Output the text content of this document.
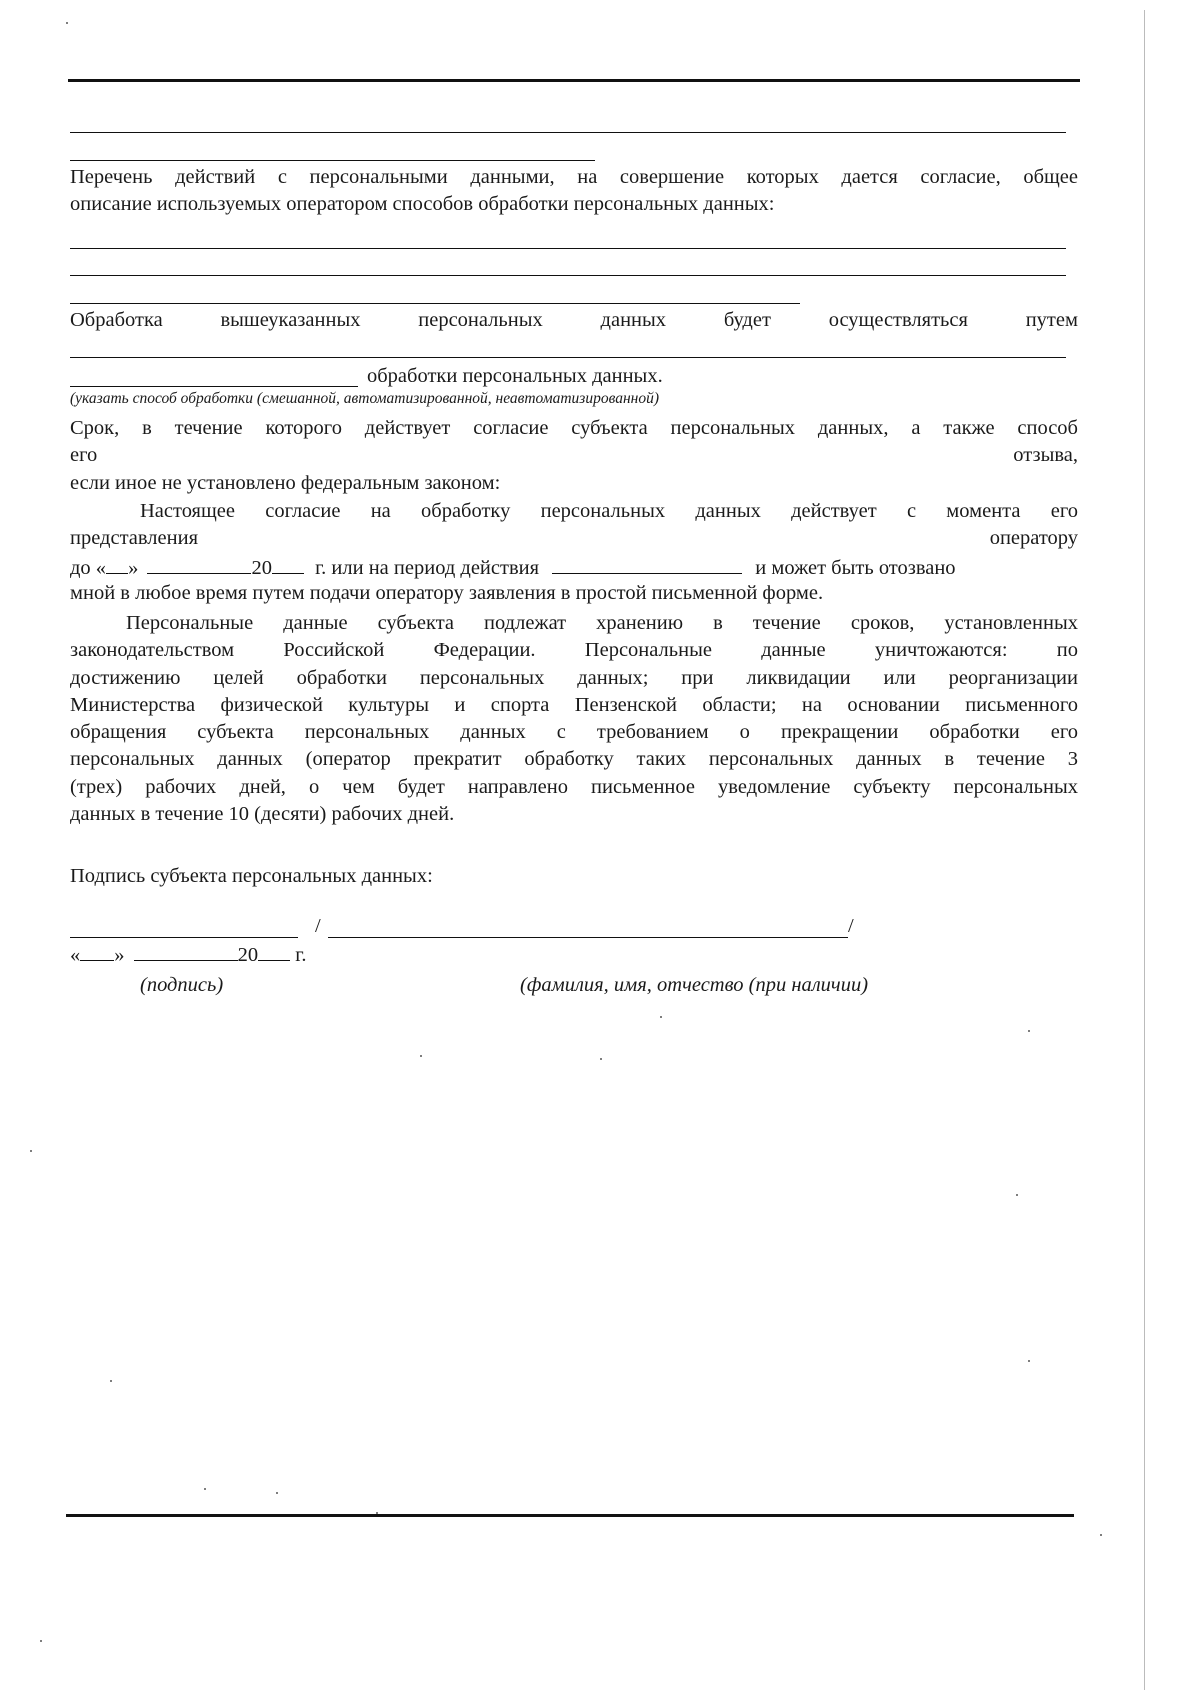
Перечень действий с персональными данными, на совершение которых дается согласие, общее
описание используемых оператором способов обработки персональных данных:
Обработка	вышеуказанных	персональных	данных	будет	осуществляться	путем
обработки персональных данных.
(указать способ обработки (смешанной, автоматизированной, неавтоматизированной)
Срок, в течение которого действует согласие субъекта персональных данных, а также способ
его	отзыва,
если иное не установлено федеральным законом:
Настоящее согласие на обработку персональных данных действует с момента его
представления	оператору
до « »	20 г. или на период действия	и может быть отозвано
мной в любое время путем подачи оператору заявления в простой письменной форме.
Персональные данные субъекта подлежат хранению в течение сроков, установленных
законодательством Российской Федерации. Персональные данные уничтожаются: по
достижению целей обработки персональных данных; при ликвидации или реорганизации
Министерства физической культуры и спорта Пензенской области; на основании письменного
обращения субъекта персональных данных с требованием о прекращении обработки его
персональных данных (оператор прекратит обработку таких персональных данных в течение 3
(трех) рабочих дней, о чем будет направлено письменное уведомление субъекту персональных
данных в течение 10 (десяти) рабочих дней.
Подпись субъекта персональных данных:
/	/
« »	20 г.
(подпись)	(фамилия, имя, отчество (при наличии)
